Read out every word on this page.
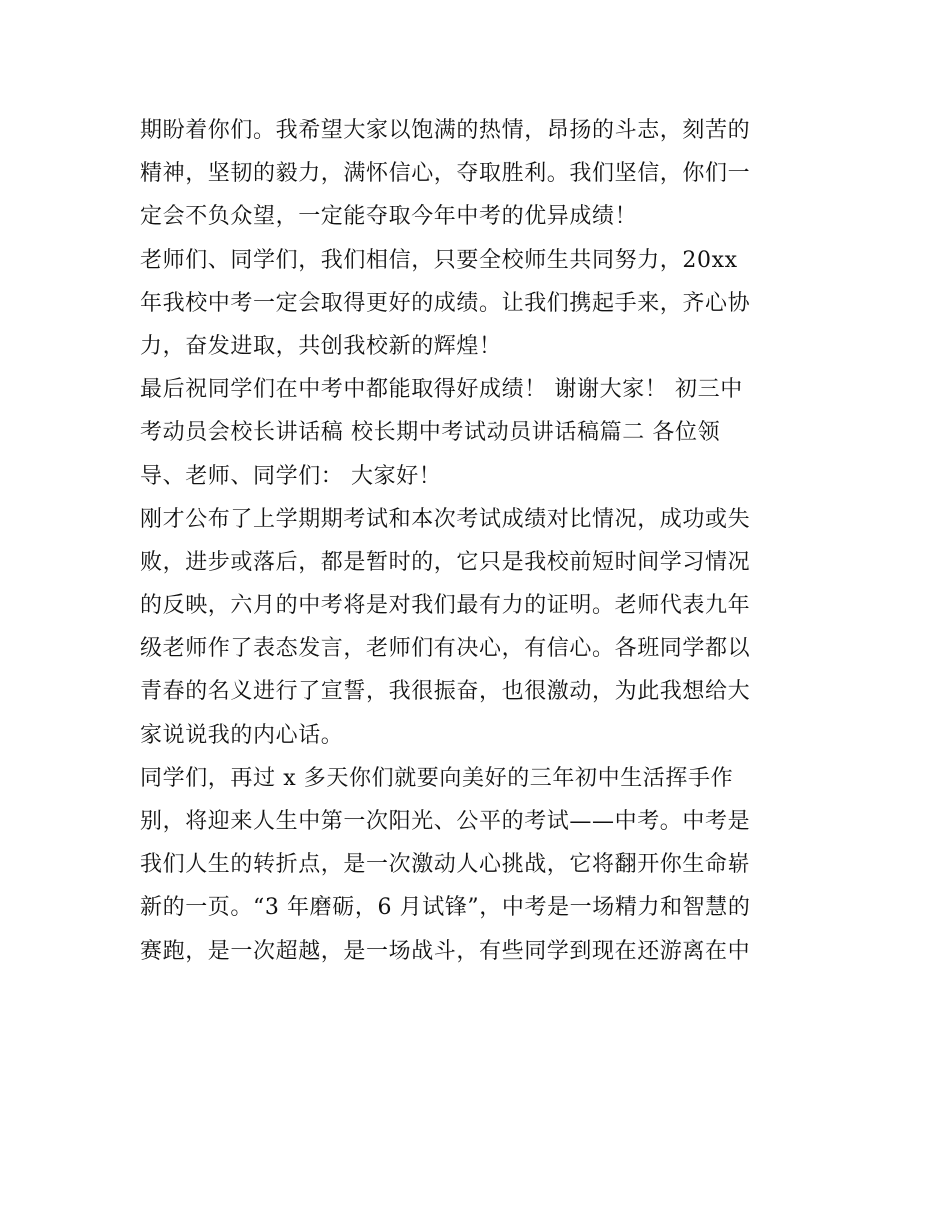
期盼着你们。我希望大家以饱满的热情，昂扬的斗志，刻苦的
精神，坚韧的毅力，满怀信心，夺取胜利。我们坚信，你们一
定会不负众望，一定能夺取今年中考的优异成绩！
老师们、同学们，我们相信，只要全校师生共同努力，20xx
年我校中考一定会取得更好的成绩。让我们携起手来，齐心协
力，奋发进取，共创我校新的辉煌！
最后祝同学们在中考中都能取得好成绩！ 谢谢大家！ 初三中
考动员会校长讲话稿 校长期中考试动员讲话稿篇二 各位领
导、老师、同学们： 大家好！
刚才公布了上学期期考试和本次考试成绩对比情况，成功或失
败，进步或落后，都是暂时的，它只是我校前短时间学习情况
的反映，六月的中考将是对我们最有力的证明。老师代表九年
级老师作了表态发言，老师们有决心，有信心。各班同学都以
青春的名义进行了宣誓，我很振奋，也很激动，为此我想给大
家说说我的内心话。
同学们，再过 x 多天你们就要向美好的三年初中生活挥手作
别，将迎来人生中第一次阳光、公平的考试——中考。中考是
我们人生的转折点，是一次激动人心挑战，它将翻开你生命崭
新的一页。“3 年磨砺，6 月试锋”，中考是一场精力和智慧的
赛跑，是一次超越，是一场战斗，有些同学到现在还游离在中
